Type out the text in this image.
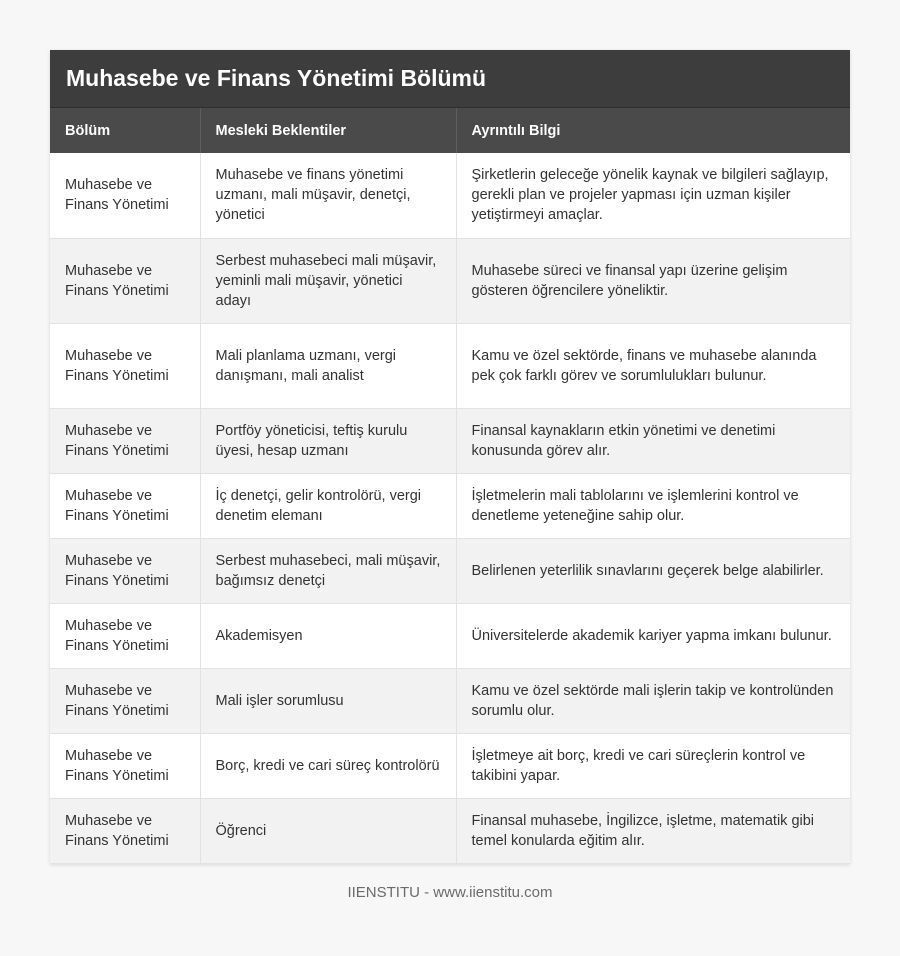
Muhasebe ve Finans Yönetimi Bölümü
Bölüm	Mesleki Beklentiler	Ayrıntılı Bilgi
Muhasebe ve Finans Yönetimi	Muhasebe ve finans yönetimi uzmanı, mali müşavir, denetçi, yönetici	Şirketlerin geleceğe yönelik kaynak ve bilgileri sağlayıp, gerekli plan ve projeler yapması için uzman kişiler yetiştirmeyi amaçlar.
Muhasebe ve Finans Yönetimi	Serbest muhasebeci mali müşavir, yeminli mali müşavir, yönetici adayı	Muhasebe süreci ve finansal yapı üzerine gelişim gösteren öğrencilere yöneliktir.
Muhasebe ve Finans Yönetimi	Mali planlama uzmanı, vergi danışmanı, mali analist	Kamu ve özel sektörde, finans ve muhasebe alanında pek çok farklı görev ve sorumlulukları bulunur.
Muhasebe ve Finans Yönetimi	Portföy yöneticisi, teftiş kurulu üyesi, hesap uzmanı	Finansal kaynakların etkin yönetimi ve denetimi konusunda görev alır.
Muhasebe ve Finans Yönetimi	İç denetçi, gelir kontrolörü, vergi denetim elemanı	İşletmelerin mali tablolarını ve işlemlerini kontrol ve denetleme yeteneğine sahip olur.
Muhasebe ve Finans Yönetimi	Serbest muhasebeci, mali müşavir, bağımsız denetçi	Belirlenen yeterlilik sınavlarını geçerek belge alabilirler.
Muhasebe ve Finans Yönetimi	Akademisyen	Üniversitelerde akademik kariyer yapma imkanı bulunur.
Muhasebe ve Finans Yönetimi	Mali işler sorumlusu	Kamu ve özel sektörde mali işlerin takip ve kontrolünden sorumlu olur.
Muhasebe ve Finans Yönetimi	Borç, kredi ve cari süreç kontrolörü	İşletmeye ait borç, kredi ve cari süreçlerin kontrol ve takibini yapar.
Muhasebe ve Finans Yönetimi	Öğrenci	Finansal muhasebe, İngilizce, işletme, matematik gibi temel konularda eğitim alır.
IIENSTITU - www.iienstitu.com
